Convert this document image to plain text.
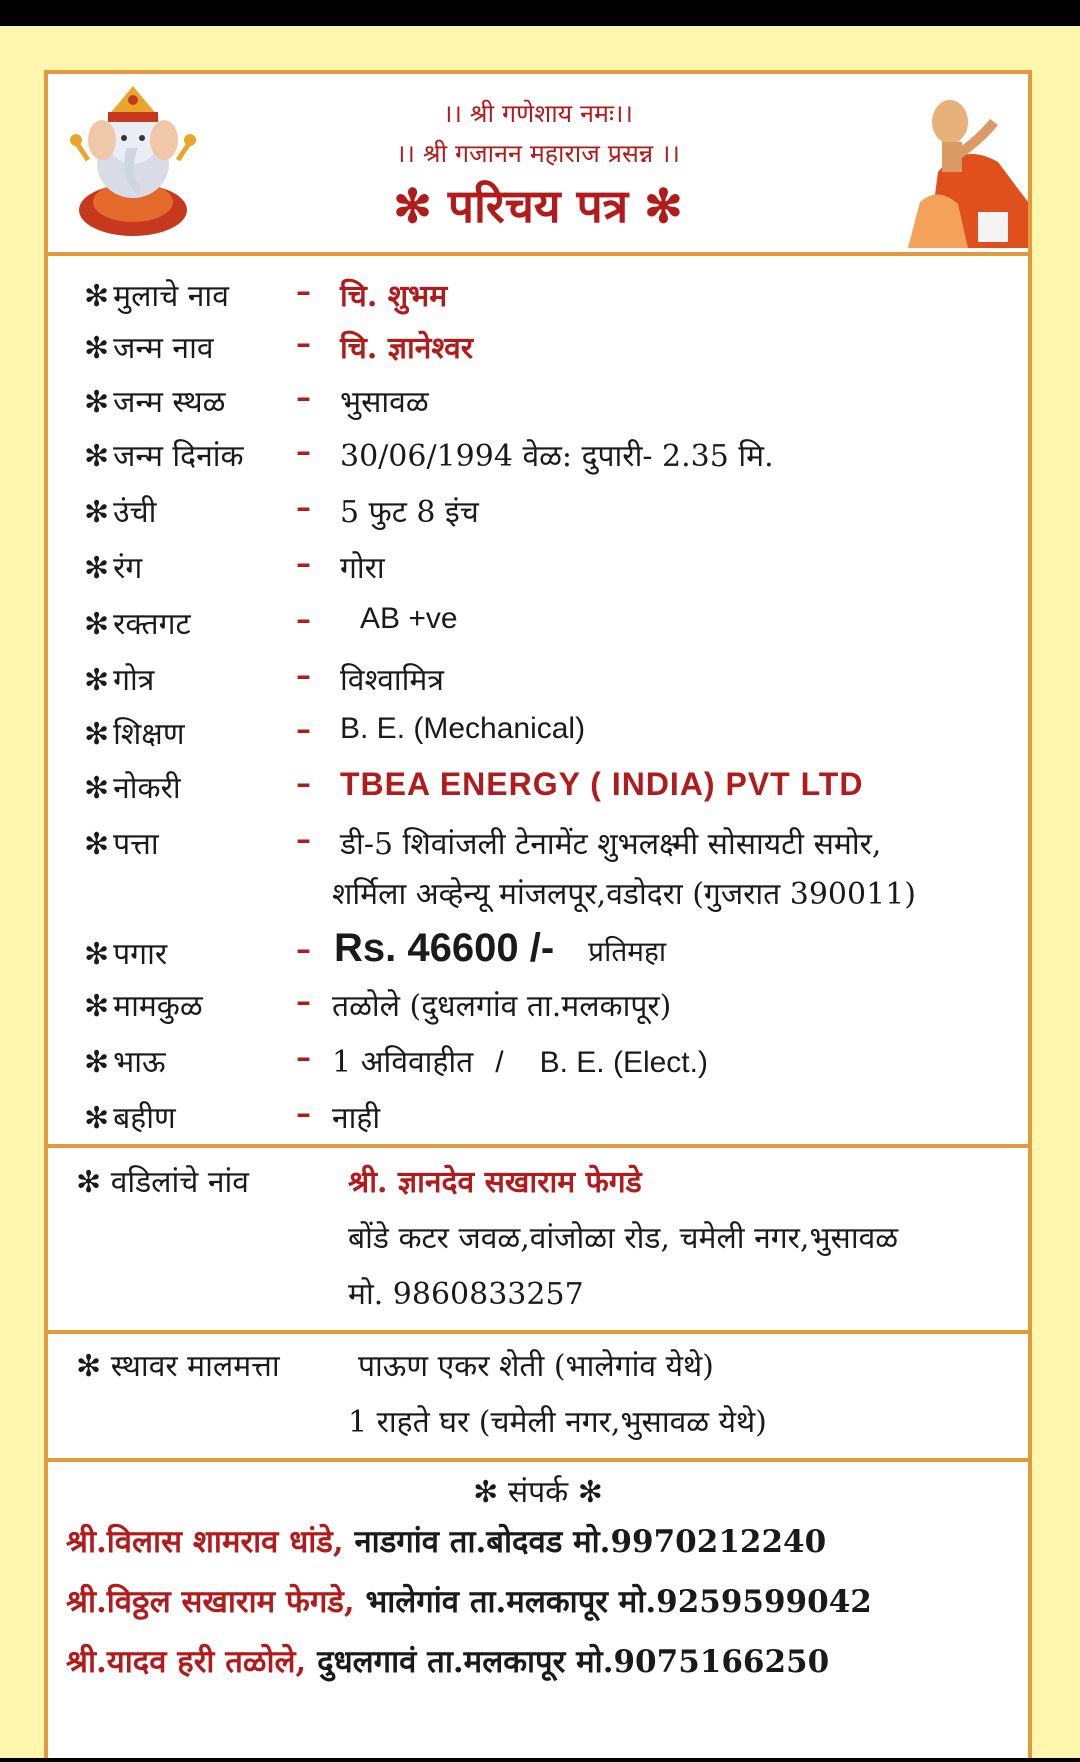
।। श्री गणेशाय नमः।।
।। श्री गजानन महाराज प्रसन्न ।।
✻ परिचय पत्र ✻
✻ मुलाचे नाव – चि. शुभम
✻ जन्म नाव	– चि. ज्ञानेश्वर
✻ जन्म स्थळ – भुसावळ
✻ जन्म दिनांक – 30/06/1994 वेळ: दुपारी- 2.35 मि.
✻ उंची	– 5 फुट 8 इंच
✻ रंग	– गोरा
✻ रक्तगट	– AB +ve
✻ गोत्र	– विश्वामित्र
✻ शिक्षण	– B. E. (Mechanical)
✻ नोकरी	– TBEA ENERGY ( INDIA) PVT LTD
✻ पत्ता	– डी-5 शिवांजली टेनामेंट शुभलक्ष्मी सोसायटी समोर,
शर्मिला अव्हेन्यू मांजलपूर,वडोदरा (गुजरात 390011)
✻ पगार	– Rs. 46600 /- प्रतिमहा
✻ मामकुळ	– तळोले (दुधलगांव ता.मलकापूर)
✻ भाऊ	– 1 अविवाहीत / B. E. (Elect.)
✻ बहीण	– नाही
✻ वडिलांचे नांव	श्री. ज्ञानदेव सखाराम फेगडे
बोंडे कटर जवळ,वांजोळा रोड, चमेली नगर,भुसावळ
मो. 9860833257
✻ स्थावर मालमत्ता	पाऊण एकर शेती (भालेगांव येथे)
1 राहते घर (चमेली नगर,भुसावळ येथे)
✻ संपर्क ✻
श्री.विलास शामराव धांडे, नाडगांव ता.बोदवड मो.9970212240
श्री.विठ्ठल सखाराम फेगडे, भालेगांव ता.मलकापूर मो.9259599042
श्री.यादव हरी तळोले, दुधलगावं ता.मलकापूर मो.9075166250
